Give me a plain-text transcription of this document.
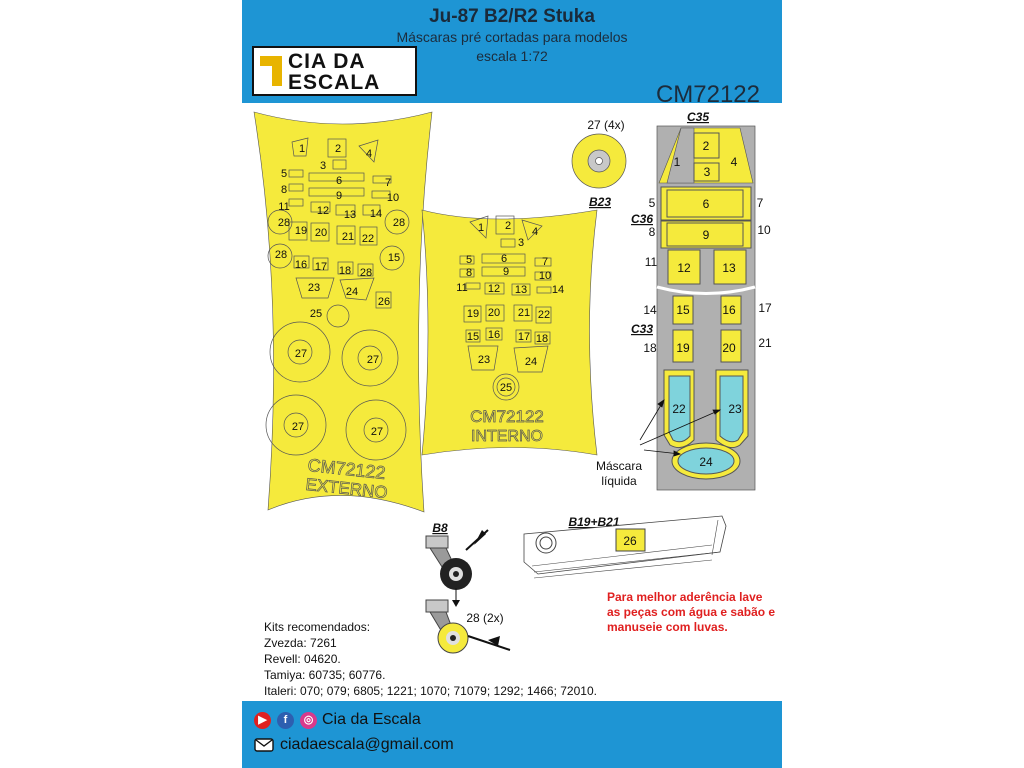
Ju-87 B2/R2 Stuka
Máscaras pré cortadas para modelos
escala 1:72
CM72122
CIA DA
ESCALA
1	2 4
3
5
6	7
8	9	10
11 12 13 14
28
19 20 21 22
28
28	15
16 17 18 28
23 24
26
25
27	27
27	27
CM72122
EXTERNO
1 2 4
3
5	6	7
8	9	10
11 12 13 14
19 20 21 22
15 16 17 18
23	24
25
CM72122
INTERNO
27 (4x)
B23
C35
C36
C33
2
1	4
3
5	6	7
8	9	10
11 12	13
14 15	16 17
18 19	20 21
22	23
24
Máscara
líquida
B8
28 (2x)
B19+B21
26
Kits recomendados:
Zvezda: 7261
Revell: 04620.
Tamiya: 60735; 60776.
Italeri: 070; 079; 6805; 1221; 1070; 71079; 1292; 1466; 72010.
Para melhor aderência lave as peças com água e sabão e manuseie com luvas.
▶	f	◎ Cia da Escala
ciadaescala@gmail.com
